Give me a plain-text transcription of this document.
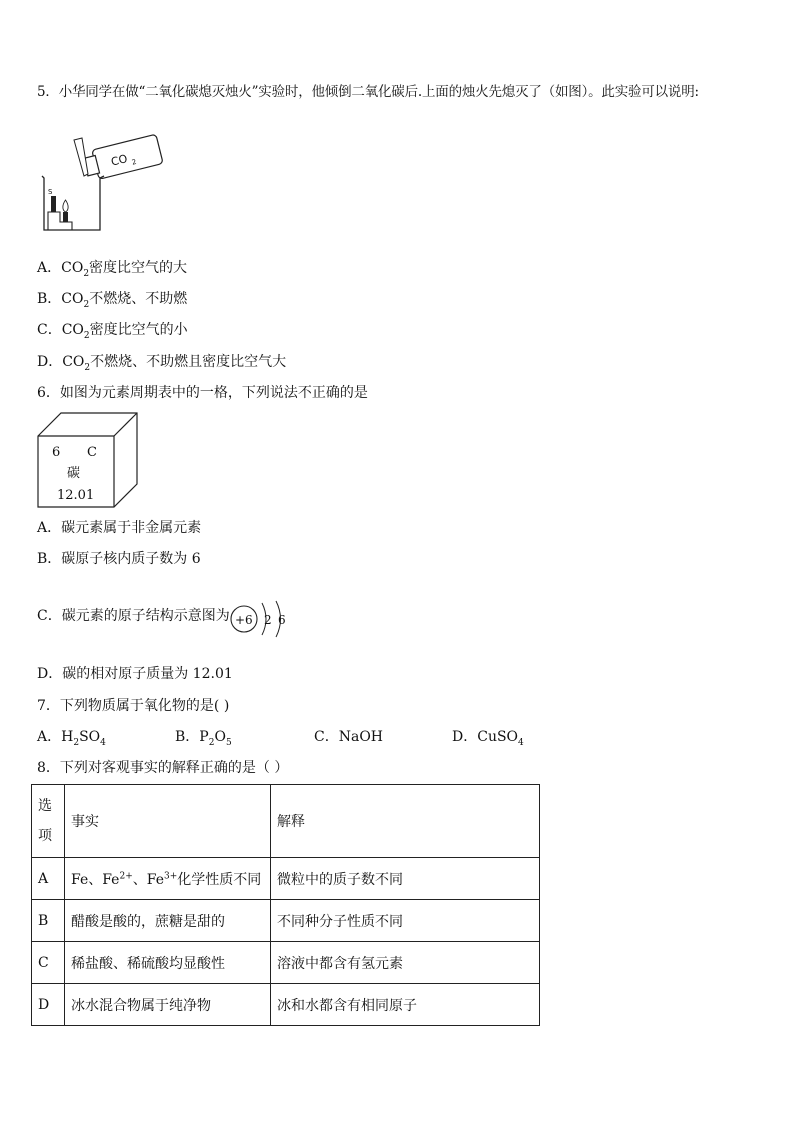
5．小华同学在做“二氧化碳熄灭烛火”实验时，他倾倒二氧化碳后.上面的烛火先熄灭了（如图）。此实验可以说明:
CO 2
S
A．$CO_2$密度比空气的大
B．$CO_2$不燃烧、不助燃
C．$CO_2$密度比空气的小
D．$CO_2$不燃烧、不助燃且密度比空气大
6．如图为元素周期表中的一格，下列说法不正确的是
6 C
碳
12.01
A．碳元素属于非金属元素
B．碳原子核内质子数为 6
C．碳元素的原子结构示意图为 +6 2 6
D．碳的相对原子质量为 12.01
7．下列物质属于氧化物的是( )
A．$H_2SO_4$	B．$P_2O_5$	C．NaOH	D．CuSO$_4$
8．下列对客观事实的解释正确的是（ ）
选
项	事实	解释
A	Fe、$Fe^{2+}$、$Fe^{3+}$化学性质不同	微粒中的质子数不同
B	醋酸是酸的，蔗糖是甜的	不同种分子性质不同
C	稀盐酸、稀硫酸均显酸性	溶液中都含有氢元素
D	冰水混合物属于纯净物	冰和水都含有相同原子
